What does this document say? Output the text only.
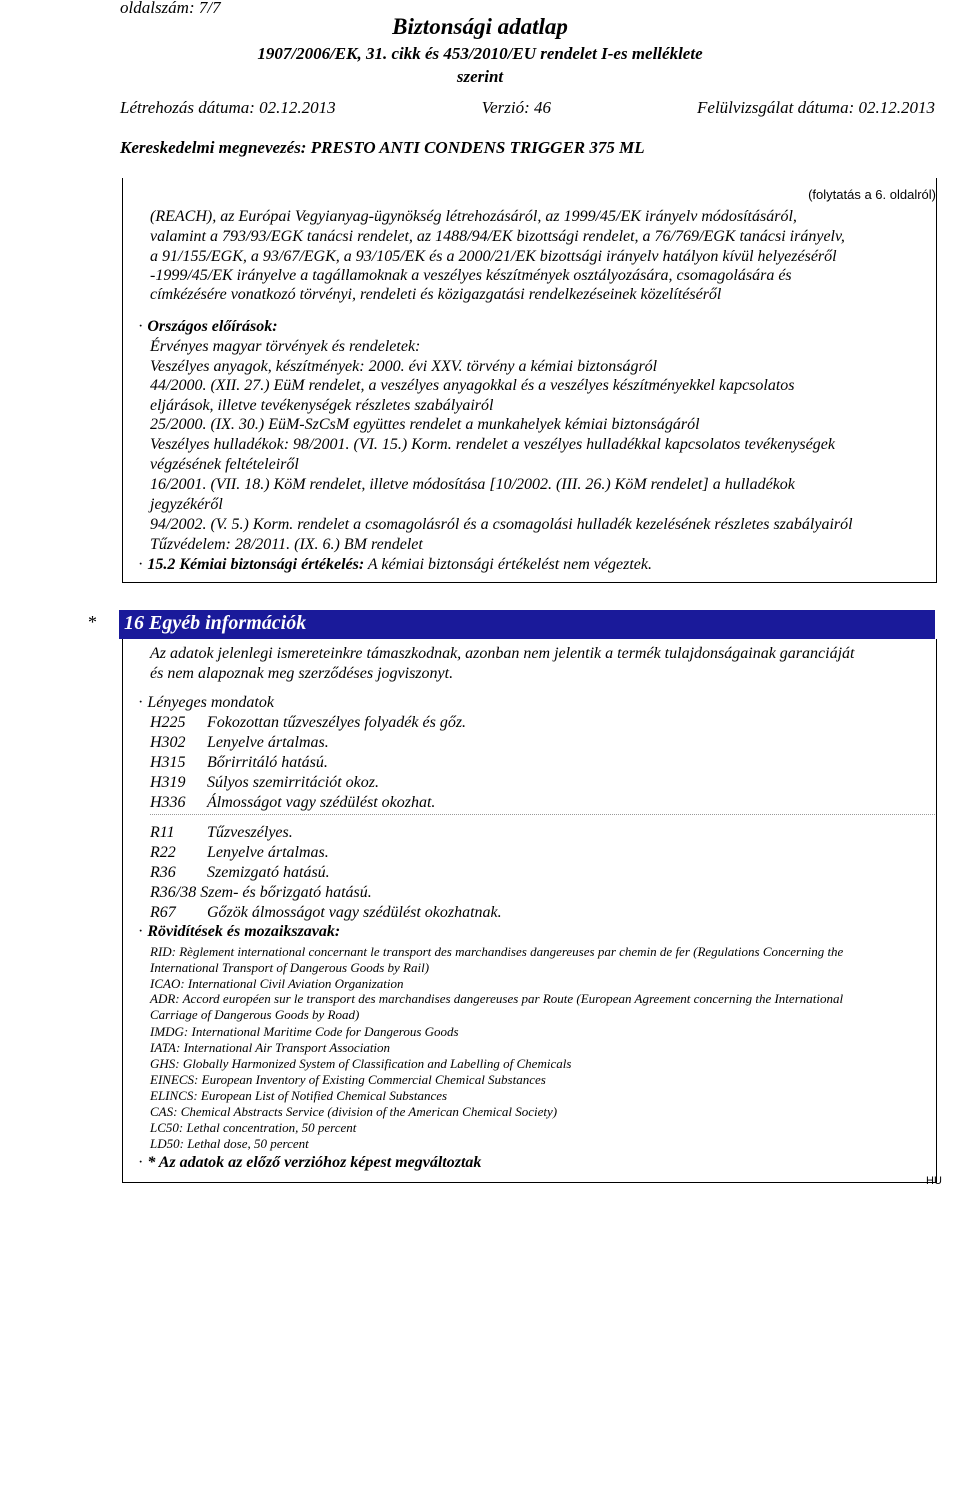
oldalszám: 7/7
Biztonsági adatlap
1907/2006/EK, 31. cikk és 453/2010/EU rendelet I-es melléklete
szerint
Létrehozás dátuma: 02.12.2013	Verzió: 46	Felülvizsgálat dátuma: 02.12.2013
Kereskedelmi megnevezés: PRESTO ANTI CONDENS TRIGGER 375 ML
(folytatás a 6. oldalról)
(REACH), az Európai Vegyianyag-ügynökség létrehozásáról, az 1999/45/EK irányelv módosításáról,
valamint a 793/93/EGK tanácsi rendelet, az 1488/94/EK bizottsági rendelet, a 76/769/EGK tanácsi irányelv,
a 91/155/EGK, a 93/67/EGK, a 93/105/EK és a 2000/21/EK bizottsági irányelv hatályon kívül helyezéséről
-1999/45/EK irányelve a tagállamoknak a veszélyes készítmények osztályozására, csomagolására és
címkézésére vonatkozó törvényi, rendeleti és közigazgatási rendelkezéseinek közelítéséről
· Országos előírások:
Érvényes magyar törvények és rendeletek:
Veszélyes anyagok, készítmények: 2000. évi XXV. törvény a kémiai biztonságról
44/2000. (XII. 27.) EüM rendelet, a veszélyes anyagokkal és a veszélyes készítményekkel kapcsolatos
eljárások, illetve tevékenységek részletes szabályairól
25/2000. (IX. 30.) EüM-SzCsM együttes rendelet a munkahelyek kémiai biztonságáról
Veszélyes hulladékok: 98/2001. (VI. 15.) Korm. rendelet a veszélyes hulladékkal kapcsolatos tevékenységek
végzésének feltételeiről
16/2001. (VII. 18.) KöM rendelet, illetve módosítása [10/2002. (III. 26.) KöM rendelet] a hulladékok
jegyzékéről
94/2002. (V. 5.) Korm. rendelet a csomagolásról és a csomagolási hulladék kezelésének részletes szabályairól
Tűzvédelem: 28/2011. (IX. 6.) BM rendelet
· 15.2 Kémiai biztonsági értékelés: A kémiai biztonsági értékelést nem végeztek.
* 16 Egyéb információk
Az adatok jelenlegi ismereteinkre támaszkodnak, azonban nem jelentik a termék tulajdonságainak garanciáját
és nem alapoznak meg szerződéses jogviszonyt.
· Lényeges mondatok
H225 Fokozottan tűzveszélyes folyadék és gőz.
H302 Lenyelve ártalmas.
H315 Bőrirritáló hatású.
H319 Súlyos szemirritációt okoz.
H336 Álmosságot vagy szédülést okozhat.
R11 Tűzveszélyes.
R22 Lenyelve ártalmas.
R36 Szemizgató hatású.
R36/38 Szem- és bőrizgató hatású.
R67 Gőzök álmosságot vagy szédülést okozhatnak.
· Rövidítések és mozaikszavak:
RID: Règlement international concernant le transport des marchandises dangereuses par chemin de fer (Regulations Concerning the
International Transport of Dangerous Goods by Rail)
ICAO: International Civil Aviation Organization
ADR: Accord européen sur le transport des marchandises dangereuses par Route (European Agreement concerning the International
Carriage of Dangerous Goods by Road)
IMDG: International Maritime Code for Dangerous Goods
IATA: International Air Transport Association
GHS: Globally Harmonized System of Classification and Labelling of Chemicals
EINECS: European Inventory of Existing Commercial Chemical Substances
ELINCS: European List of Notified Chemical Substances
CAS: Chemical Abstracts Service (division of the American Chemical Society)
LC50: Lethal concentration, 50 percent
LD50: Lethal dose, 50 percent
· * Az adatok az előző verzióhoz képest megváltoztak
HU
